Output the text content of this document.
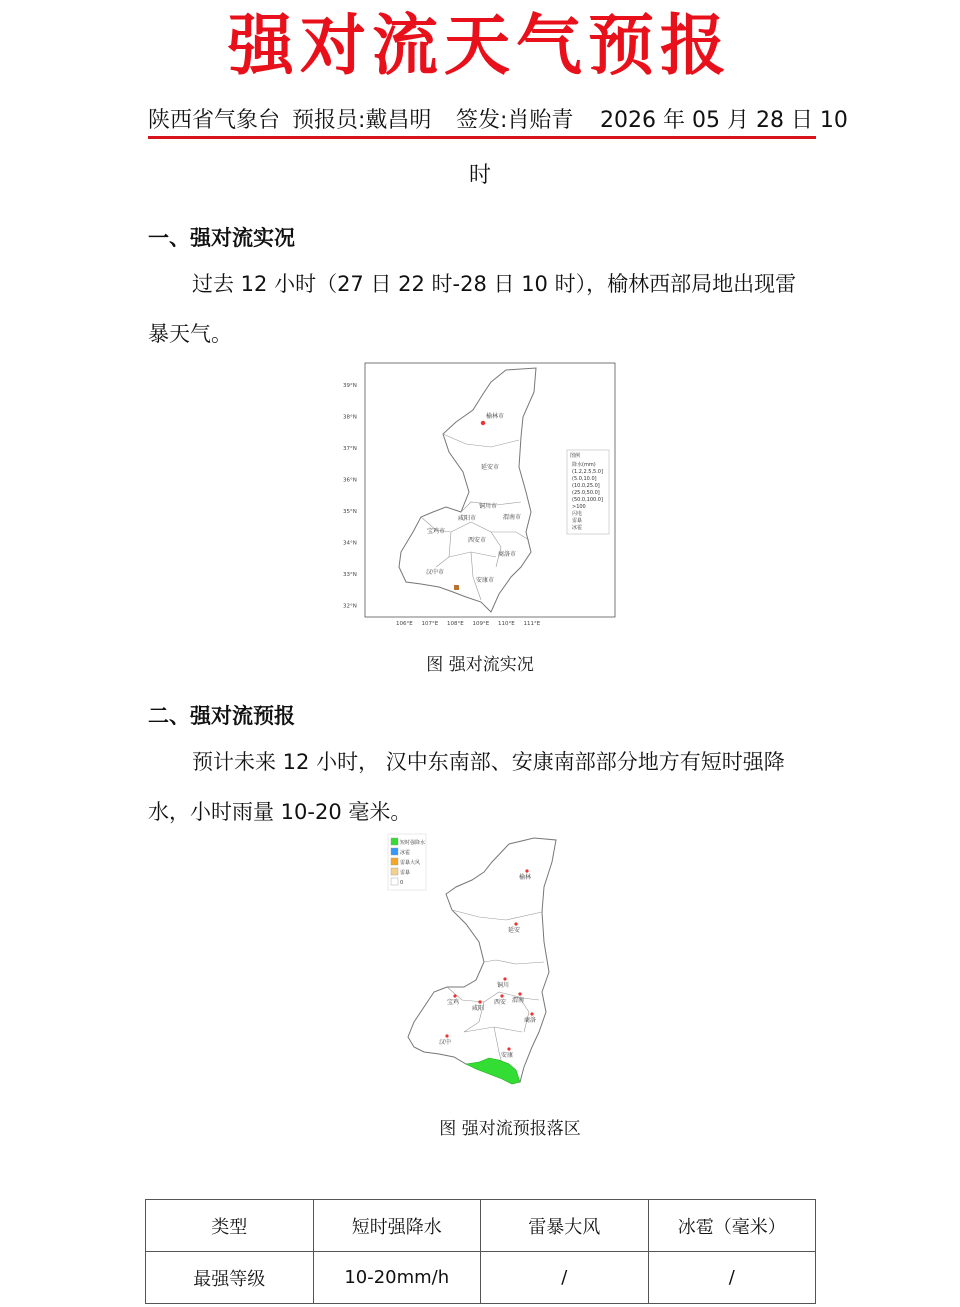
强对流天气预报
陕西省气象台 预报员:戴昌明 签发:肖贻青 2026 年 05 月 28 日 10
时
一、强对流实况
过去 12 小时（27 日 22 时-28 日 10 时），榆林西部局地出现雷
暴天气。
39°N
38°N
37°N
36°N
35°N
34°N
33°N
32°N
106°E 107°E 108°E 109°E 110°E 111°E
榆林市
延安市
铜川市
渭南市
咸阳市
宝鸡市
西安市
商洛市
汉中市
安康市
图例
降水(mm)
(1.2,2.5,5.0]
(5.0,10.0]
(10.0,25.0]
(25.0,50.0]
(50.0,100.0]
>100
闪电
雷暴
冰雹
图 强对流实况
二、强对流预报
预计未来 12 小时， 汉中东南部、安康南部部分地方有短时强降
水，小时雨量 10-20 毫米。
短时强降水
冰雹
雷暴大风
雷暴
0
榆林
延安
铜川
宝鸡
咸阳
西安 渭南
商洛
汉中
安康
图 强对流预报落区
类型	短时强降水	雷暴大风	冰雹（毫米）
最强等级	10-20mm/h	/	/
